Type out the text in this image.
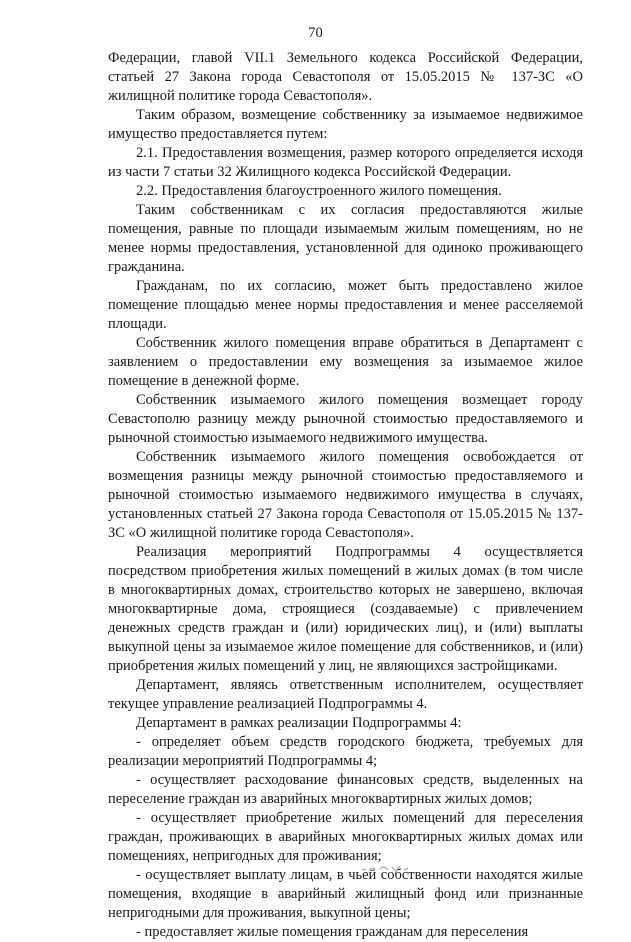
70

Федерации, главой VII.1 Земельного кодекса Российской Федерации, статьей 27 Закона города Севастополя от 15.05.2015 № 137-ЗС «О жилищной политике города Севастополя».

Таким образом, возмещение собственнику за изымаемое недвижимое имущество предоставляется путем:

2.1. Предоставления возмещения, размер которого определяется исходя из части 7 статьи 32 Жилищного кодекса Российской Федерации.

2.2. Предоставления благоустроенного жилого помещения.

Таким собственникам с их согласия предоставляются жилые помещения, равные по площади изымаемым жилым помещениям, но не менее нормы предоставления, установленной для одиноко проживающего гражданина.

Гражданам, по их согласию, может быть предоставлено жилое помещение площадью менее нормы предоставления и менее расселяемой площади.

Собственник жилого помещения вправе обратиться в Департамент с заявлением о предоставлении ему возмещения за изымаемое жилое помещение в денежной форме.

Собственник изымаемого жилого помещения возмещает городу Севастополю разницу между рыночной стоимостью предоставляемого и рыночной стоимостью изымаемого недвижимого имущества.

Собственник изымаемого жилого помещения освобождается от возмещения разницы между рыночной стоимостью предоставляемого и рыночной стоимостью изымаемого недвижимого имущества в случаях, установленных статьей 27 Закона города Севастополя от 15.05.2015 № 137-ЗС «О жилищной политике города Севастополя».

Реализация мероприятий Подпрограммы 4 осуществляется посредством приобретения жилых помещений в жилых домах (в том числе в многоквартирных домах, строительство которых не завершено, включая многоквартирные дома, строящиеся (создаваемые) с привлечением денежных средств граждан и (или) юридических лиц), и (или) выплаты выкупной цены за изымаемое жилое помещение для собственников, и (или) приобретения жилых помещений у лиц, не являющихся застройщиками.

Департамент, являясь ответственным исполнителем, осуществляет текущее управление реализацией Подпрограммы 4.

Департамент в рамках реализации Подпрограммы 4:

- определяет объем средств городского бюджета, требуемых для реализации мероприятий Подпрограммы 4;

- осуществляет расходование финансовых средств, выделенных на переселение граждан из аварийных многоквартирных жилых домов;

- осуществляет приобретение жилых помещений для переселения граждан, проживающих в аварийных многоквартирных жилых домах или помещениях, непригодных для проживания;

- осуществляет выплату лицам, в чьей собственности находятся жилые помещения, входящие в аварийный жилищный фонд или признанные непригодными для проживания, выкупной цены;

- предоставляет жилые помещения гражданам для переселения
